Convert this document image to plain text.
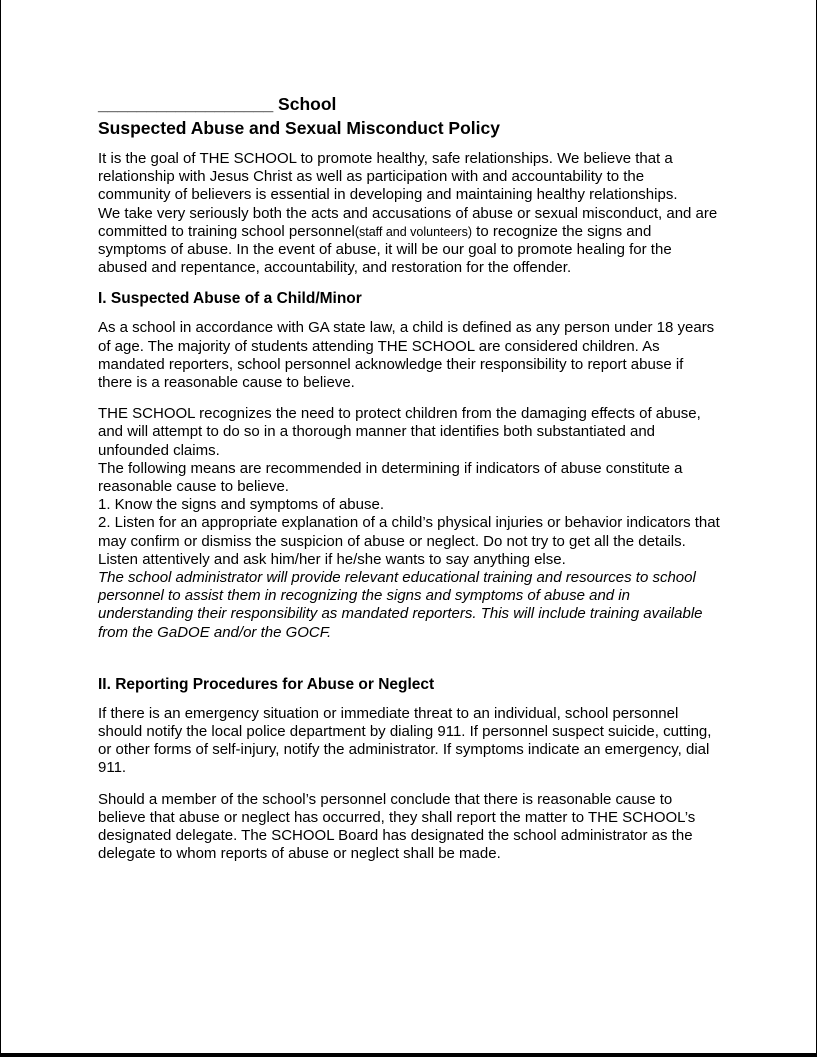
__________________ School

Suspected Abuse and Sexual Misconduct Policy

It is the goal of THE SCHOOL to promote healthy, safe relationships. We believe that a relationship with Jesus Christ as well as participation with and accountability to the community of believers is essential in developing and maintaining healthy relationships.

We take very seriously both the acts and accusations of abuse or sexual misconduct, and are committed to training school personnel(staff and volunteers) to recognize the signs and symptoms of abuse. In the event of abuse, it will be our goal to promote healing for the abused and repentance, accountability, and restoration for the offender.

I. Suspected Abuse of a Child/Minor

As a school in accordance with GA state law, a child is defined as any person under 18 years of age. The majority of students attending THE SCHOOL are considered children. As mandated reporters, school personnel acknowledge their responsibility to report abuse if there is a reasonable cause to believe.

THE SCHOOL recognizes the need to protect children from the damaging effects of abuse, and will attempt to do so in a thorough manner that identifies both substantiated and unfounded claims.

The following means are recommended in determining if indicators of abuse constitute a reasonable cause to believe.

1. Know the signs and symptoms of abuse.

2. Listen for an appropriate explanation of a child’s physical injuries or behavior indicators that may confirm or dismiss the suspicion of abuse or neglect. Do not try to get all the details. Listen attentively and ask him/her if he/she wants to say anything else.

The school administrator will provide relevant educational training and resources to school personnel to assist them in recognizing the signs and symptoms of abuse and in understanding their responsibility as mandated reporters. This will include training available from the GaDOE and/or the GOCF.

II. Reporting Procedures for Abuse or Neglect

If there is an emergency situation or immediate threat to an individual, school personnel should notify the local police department by dialing 911. If personnel suspect suicide, cutting, or other forms of self-injury, notify the administrator. If symptoms indicate an emergency, dial 911.

Should a member of the school’s personnel conclude that there is reasonable cause to believe that abuse or neglect has occurred, they shall report the matter to THE SCHOOL’s designated delegate. The SCHOOL Board has designated the school administrator as the delegate to whom reports of abuse or neglect shall be made.
